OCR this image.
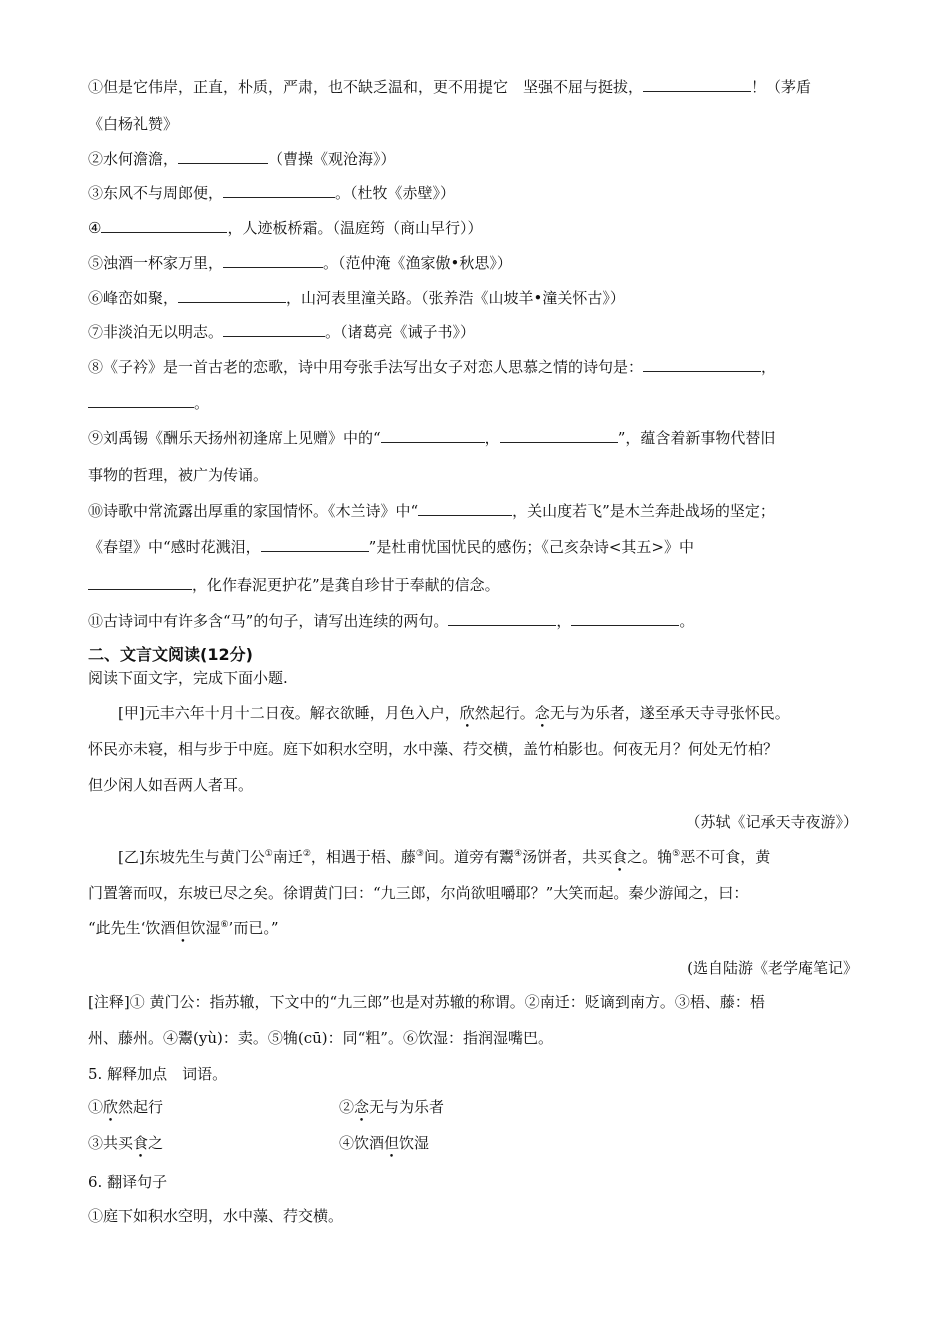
①但是它伟岸，正直，朴质，严肃，也不缺乏温和，更不用提它　坚强不屈与挺拔，	！（茅盾
《白杨礼赞》
②水何澹澹，	（曹操《观沧海》）
③东风不与周郎便，	。（杜牧《赤壁》）
④	，人迹板桥霜。（温庭筠（商山早行））
⑤浊酒一杯家万里，	。（范仲淹《渔家傲•秋思》）
⑥峰峦如聚，	，山河表里潼关路。（张养浩《山坡羊•潼关怀古》）
⑦非淡泊无以明志。	。（诸葛亮《诫子书》）
⑧《子衿》是一首古老的恋歌，诗中用夸张手法写出女子对恋人思慕之情的诗句是：	，
。
⑨刘禹锡《酬乐天扬州初逢席上见赠》中的“	，	”，蕴含着新事物代替旧
事物的哲理，被广为传诵。
⑩诗歌中常流露出厚重的家国情怀。《木兰诗》中“	，关山度若飞”是木兰奔赴战场的坚定；
《春望》中“感时花溅泪，	”是杜甫忧国忧民的感伤；《己亥杂诗<其五>》中
，化作春泥更护花”是龚自珍甘于奉献的信念。
⑪古诗词中有许多含“马”的句子，请写出连续的两句。	，	。
二、文言文阅读(12分)
阅读下面文字，完成下面小题.
[甲]元丰六年十月十二日夜。解衣欲睡，月色入户，欣然起行。念无与为乐者，遂至承天寺寻张怀民。
怀民亦未寝，相与步于中庭。庭下如积水空明，水中藻、荇交横，盖竹柏影也。何夜无月？何处无竹柏？
但少闲人如吾两人者耳。
（苏轼《记承天寺夜游》）
[乙]东坡先生与黄门公①南迁②，相遇于梧、藤③间。道旁有鬻④汤饼者，共买食之。觕⑤恶不可食，黄
门置箸而叹，东坡已尽之矣。徐谓黄门曰：“九三郎，尔尚欲咀嚼耶？”大笑而起。秦少游闻之，曰：
“此先生‘饮酒但饮湿⑥’而已。”
(选自陆游《老学庵笔记》
[注释]① 黄门公：指苏辙，下文中的“九三郎”也是对苏辙的称谓。②南迁：贬谪到南方。③梧、藤：梧
州、藤州。④鬻(yù)：卖。⑤觕(cū)：同“粗”。⑥饮湿：指润湿嘴巴。
5. 解释加点　词语。
①欣然起行	②念无与为乐者
③共买食之	④饮酒但饮湿
6. 翻译句子
①庭下如积水空明，水中藻、荇交横。
